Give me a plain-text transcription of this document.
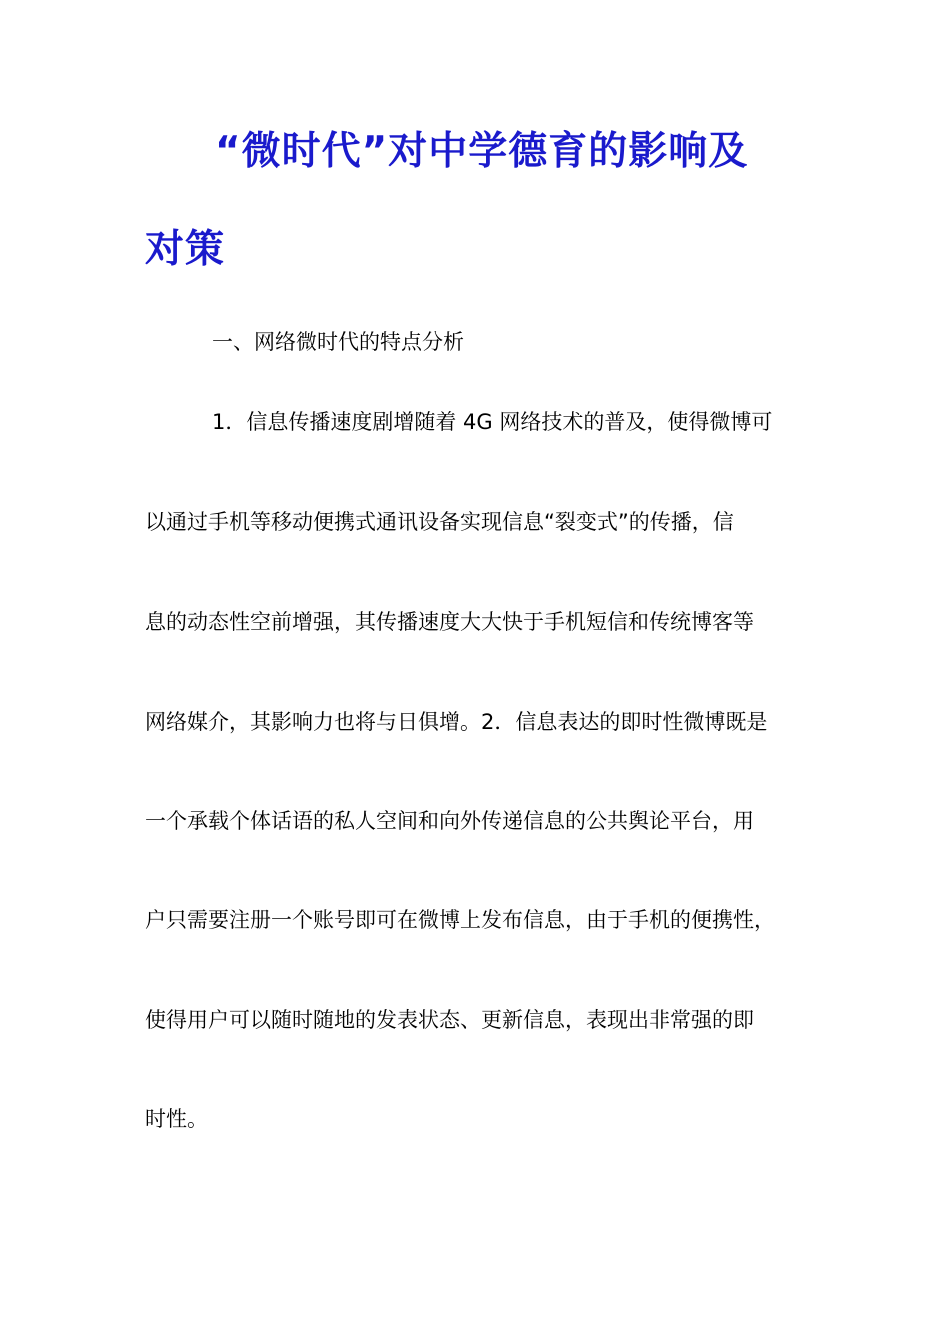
“微时代”对中学德育的影响及
对策
一、网络微时代的特点分析
1．信息传播速度剧增随着 4G 网络技术的普及，使得微博可
以通过手机等移动便携式通讯设备实现信息“裂变式”的传播，信
息的动态性空前增强，其传播速度大大快于手机短信和传统博客等
网络媒介，其影响力也将与日俱增。2．信息表达的即时性微博既是
一个承载个体话语的私人空间和向外传递信息的公共舆论平台，用
户只需要注册一个账号即可在微博上发布信息，由于手机的便携性，
使得用户可以随时随地的发表状态、更新信息，表现出非常强的即
时性。
